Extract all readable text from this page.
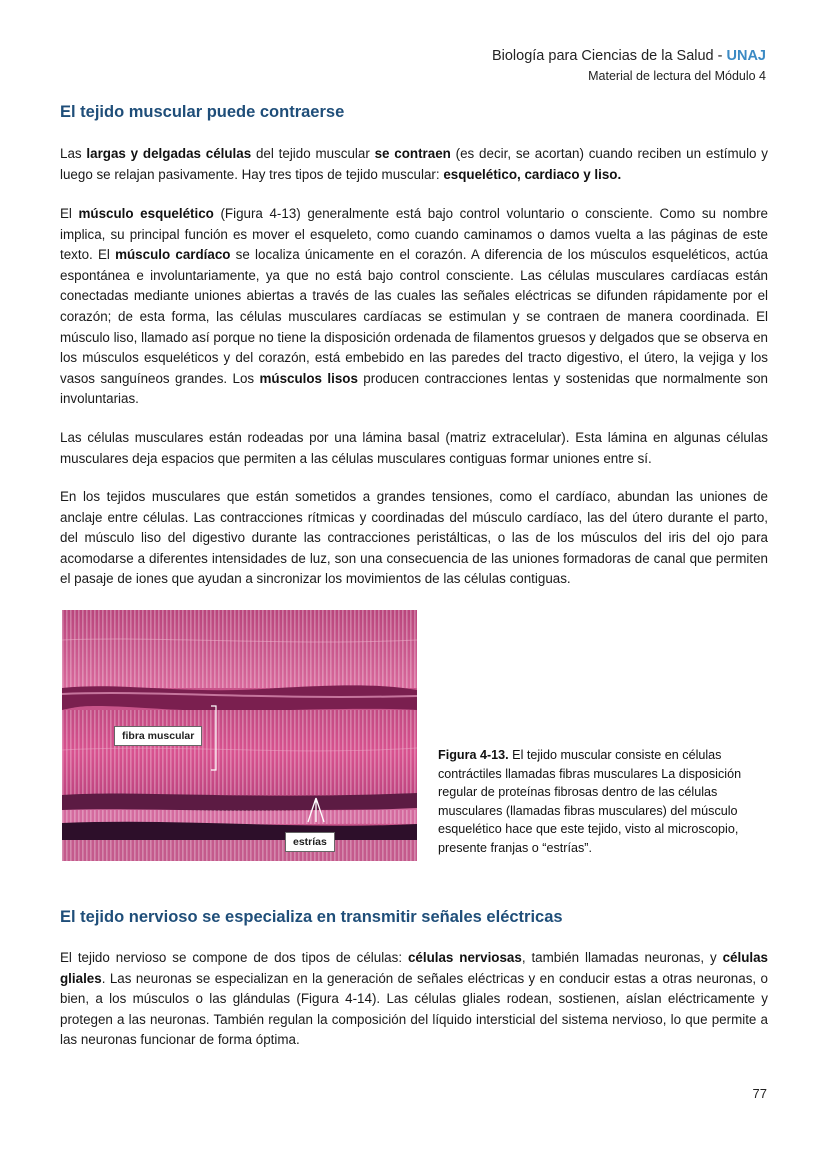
Biología para Ciencias de la Salud - UNAJ
Material de lectura del Módulo 4
El tejido muscular puede contraerse
Las largas y delgadas células del tejido muscular se contraen (es decir, se acortan) cuando reciben un estímulo y luego se relajan pasivamente. Hay tres tipos de tejido muscular: esquelético, cardiaco y liso.
El músculo esquelético (Figura 4-13) generalmente está bajo control voluntario o consciente. Como su nombre implica, su principal función es mover el esqueleto, como cuando caminamos o damos vuelta a las páginas de este texto. El músculo cardíaco se localiza únicamente en el corazón. A diferencia de los músculos esqueléticos, actúa espontánea e involuntariamente, ya que no está bajo control consciente. Las células musculares cardíacas están conectadas mediante uniones abiertas a través de las cuales las señales eléctricas se difunden rápidamente por el corazón; de esta forma, las células musculares cardíacas se estimulan y se contraen de manera coordinada. El músculo liso, llamado así porque no tiene la disposición ordenada de filamentos gruesos y delgados que se observa en los músculos esqueléticos y del corazón, está embebido en las paredes del tracto digestivo, el útero, la vejiga y los vasos sanguíneos grandes. Los músculos lisos producen contracciones lentas y sostenidas que normalmente son involuntarias.
Las células musculares están rodeadas por una lámina basal (matriz extracelular). Esta lámina en algunas células musculares deja espacios que permiten a las células musculares contiguas formar uniones entre sí.
En los tejidos musculares que están sometidos a grandes tensiones, como el cardíaco, abundan las uniones de anclaje entre células. Las contracciones rítmicas y coordinadas del músculo cardíaco, las del útero durante el parto, del músculo liso del digestivo durante las contracciones peristálticas, o las de los músculos del iris del ojo para acomodarse a diferentes intensidades de luz, son una consecuencia de las uniones formadoras de canal que permiten el pasaje de iones que ayudan a sincronizar los movimientos de las células contiguas.
fibra muscular
estrías
Figura 4-13. El tejido muscular consiste en células contráctiles llamadas fibras musculares La disposición regular de proteínas fibrosas dentro de las células musculares (llamadas fibras musculares) del músculo esquelético hace que este tejido, visto al microscopio, presente franjas o “estrías”.
El tejido nervioso se especializa en transmitir señales eléctricas
El tejido nervioso se compone de dos tipos de células: células nerviosas, también llamadas neuronas, y células gliales. Las neuronas se especializan en la generación de señales eléctricas y en conducir estas a otras neuronas, o bien, a los músculos o las glándulas (Figura 4-14). Las células gliales rodean, sostienen, aíslan eléctricamente y protegen a las neuronas. También regulan la composición del líquido intersticial del sistema nervioso, lo que permite a las neuronas funcionar de forma óptima.
77
